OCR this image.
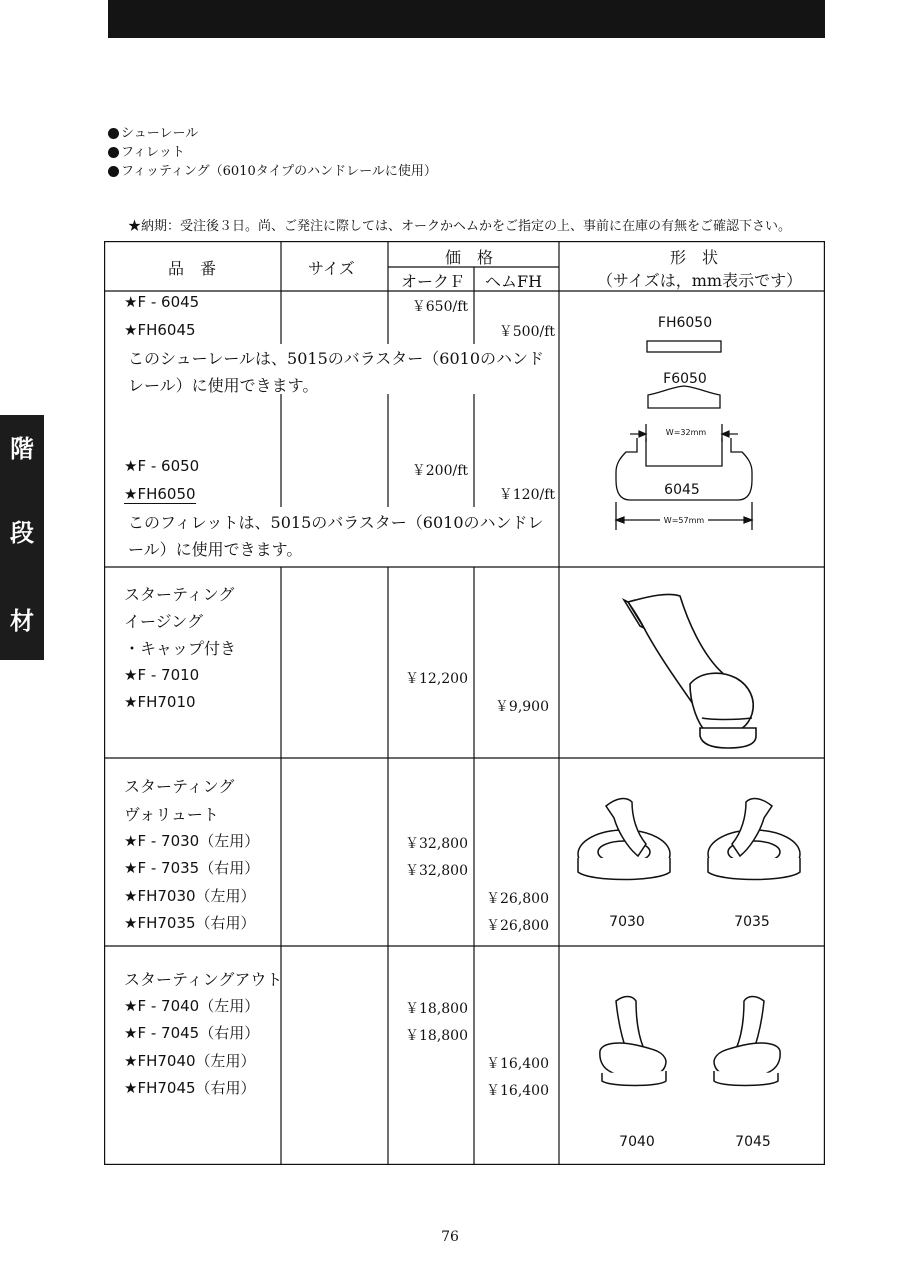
階
段
材
シューレール
フィレット
フィッティング（6010タイプのハンドレールに使用）
★納期：受注後３日。尚、ご発注に際しては、オークかヘムかをご指定の上、事前に在庫の有無をご確認下さい。
品　番	サイズ
価　格
オークＦ ヘムFH
形　状
（サイズは，mm表示です）
★F - 6045	￥650/ft
★FH6045	￥500/ft
このシューレールは、5015のバラスター（6010のハンドレール）に使用できます。
★F - 6050	￥200/ft
★FH6050	￥120/ft
このフィレットは、5015のバラスター（6010のハンドレール）に使用できます。
スターティング
イージング
・キャップ付き
★F - 7010	￥12,200
★FH7010	￥9,900
スターティング
ヴォリュート
★F - 7030（左用）	￥32,800
★F - 7035（右用）	￥32,800
★FH7030（左用）	￥26,800
★FH7035（右用）	￥26,800
スターティングアウト
★F - 7040（左用）	￥18,800
★F - 7045（右用）	￥18,800
★FH7040（左用）	￥16,400
★FH7045（右用）	￥16,400
FH6050
F6050
W=32mm
6045
W=57mm
7030	7035
7040	7045
76
